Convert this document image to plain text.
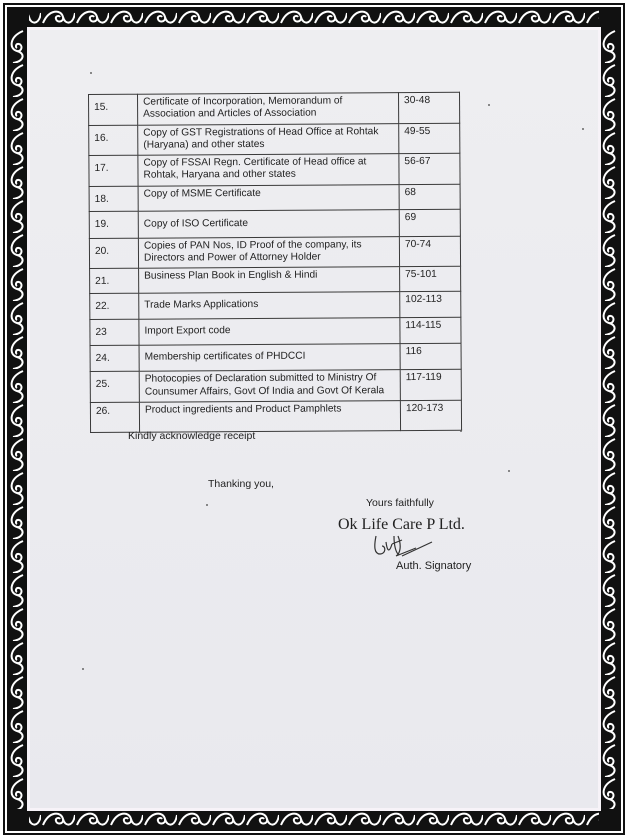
15.	Certificate of Incorporation, Memorandum of Association and Articles of Association	30-48
16.	Copy of GST Registrations of Head Office at Rohtak (Haryana) and other states	49-55
17.	Copy of FSSAI Regn. Certificate of Head office at Rohtak, Haryana and other states	56-67
18.	Copy of MSME Certificate	68
19.	Copy of ISO Certificate	69
20.	Copies of PAN Nos, ID Proof of the company, its Directors and Power of Attorney Holder	70-74
21.	Business Plan Book in English & Hindi	75-101
22.	Trade Marks Applications	102-113
23	Import Export code	114-115
24.	Membership certificates of PHDCCI	116
25.	Photocopies of Declaration submitted to Ministry Of Counsumer Affairs, Govt Of India and Govt Of Kerala	117-119
26.	Product ingredients and Product Pamphlets	120-173
Kindly acknowledge receipt
Thanking you,
Yours faithfully
Ok Life Care P Ltd.
Auth. Signatory
